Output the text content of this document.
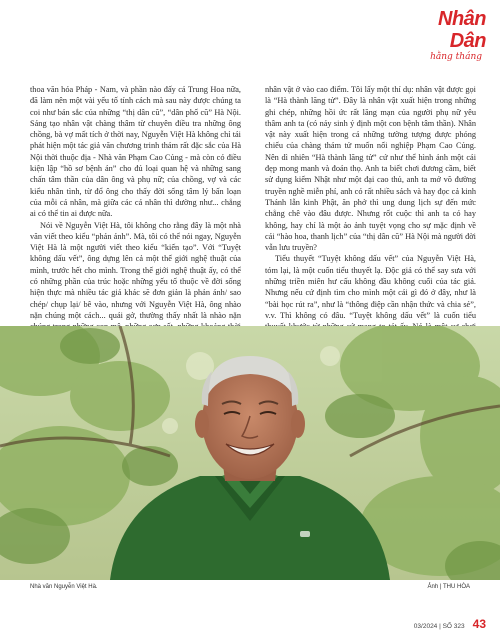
Nhân Dân
hằng tháng

thoa văn hóa Pháp - Nam, và phần nào đấy cả Trung Hoa nữa, đã làm nên một vài yếu tố tính cách mà sau này được chúng ta coi như bản sắc của những “thị dân cũ”, “dân phố cũ” Hà Nội. Sáng tạo nhân vật chàng thâm từ chuyên điều tra những ông chồng, bà vợ mất tích ở thời nay, Nguyễn Việt Hà không chỉ tái phát hiện một tác giả văn chương trinh thám rất đặc sắc của Hà Nội thời thuộc địa - Nhà văn Phạm Cao Củng - mà còn có điều kiện lập “hồ sơ bệnh án” cho đủ loại quan hệ và những sang chấn tâm thần của dân ông và phụ nữ; của chồng, vợ và các kiểu nhân tình, từ đổ ông cho thấy đời sống tâm lý bấn loạn của mỗi cá nhân, mà giữa các cá nhân thì dường như... chẳng ai có thể tin ai được nữa.

Nói về Nguyễn Việt Hà, tôi không cho rằng đây là một nhà văn viết theo kiểu “phản ánh”. Mà, tôi có thể nói ngay, Nguyễn Việt Hà là một người viết theo kiểu “kiến tạo”. Với “Tuyệt không dấu vết”, ông dựng lên cả một thế giới nghệ thuật của mình, trước hết cho mình. Trong thế giới nghệ thuật ấy, có thể có những phần của trúc hoặc những yếu tố thuộc về đời sống hiện thực mà nhiều tác giả khác sẽ đơn giản là phản ánh/ sao chép/ chụp lại/ bê vào, nhưng với Nguyễn Việt Hà, ông nhào nặn chúng một cách... quái gở, thường thấy nhất là nhào nặn

nhân vật ở vào cao điểm. Tôi lấy một thí dụ: nhân vật được gọi là “Hà thành lãng tử”. Đây là nhân vật xuất hiện trong những ghi chép, những hồi ức rất lăng mạn của người phụ nữ yêu thâm anh ta (có nảy sinh ý định một con bệnh tâm thần). Nhân vật này xuất hiện trong cả những tường tượng được phóng chiếu của chàng thám tử muốn nối nghiệp Phạm Cao Củng. Nên dì nhiên “Hà thành lãng tử” cứ như thể hình ảnh một cái đẹp mong manh và đoản thọ. Anh ta biết chơi đương cầm, biết sử dụng kiếm Nhật như một đại cao thủ, anh ta mở võ đường truyền nghề miễn phí, anh có rất nhiều sách và hay đọc cả kinh Thánh lẫn kinh Phật, ăn phở thì ung dung lịch sự đến mức chẳng chê vào đâu được. Nhưng rốt cuộc thì anh ta có hay không, hay chỉ là một ảo ảnh tuyệt vọng cho sự mặc định về cái “hào hoa, thanh lịch” của “thị dân cũ” Hà Nội mà người đời vẫn lưu truyền?

Tiểu thuyết “Tuyệt không dấu vết” của Nguyễn Việt Hà, tóm lại, là một cuốn tiểu thuyết lạ. Độc giả có thể say sưa với những triền miên hư cấu không đầu không cuối của tác giả. Nhưng nếu cứ định tìm cho mình một cái gì đó ở đây, như là “bài học rút ra”, như là “thông điệp cần nhận thức và chia sẻ”, v.v. Thì không có đâu. “Tuyệt không dấu vết” là cuốn tiểu

Nhà văn Nguyễn Việt Hà.	Ảnh | THU HÒA
03/2024 | SỐ 323 43
